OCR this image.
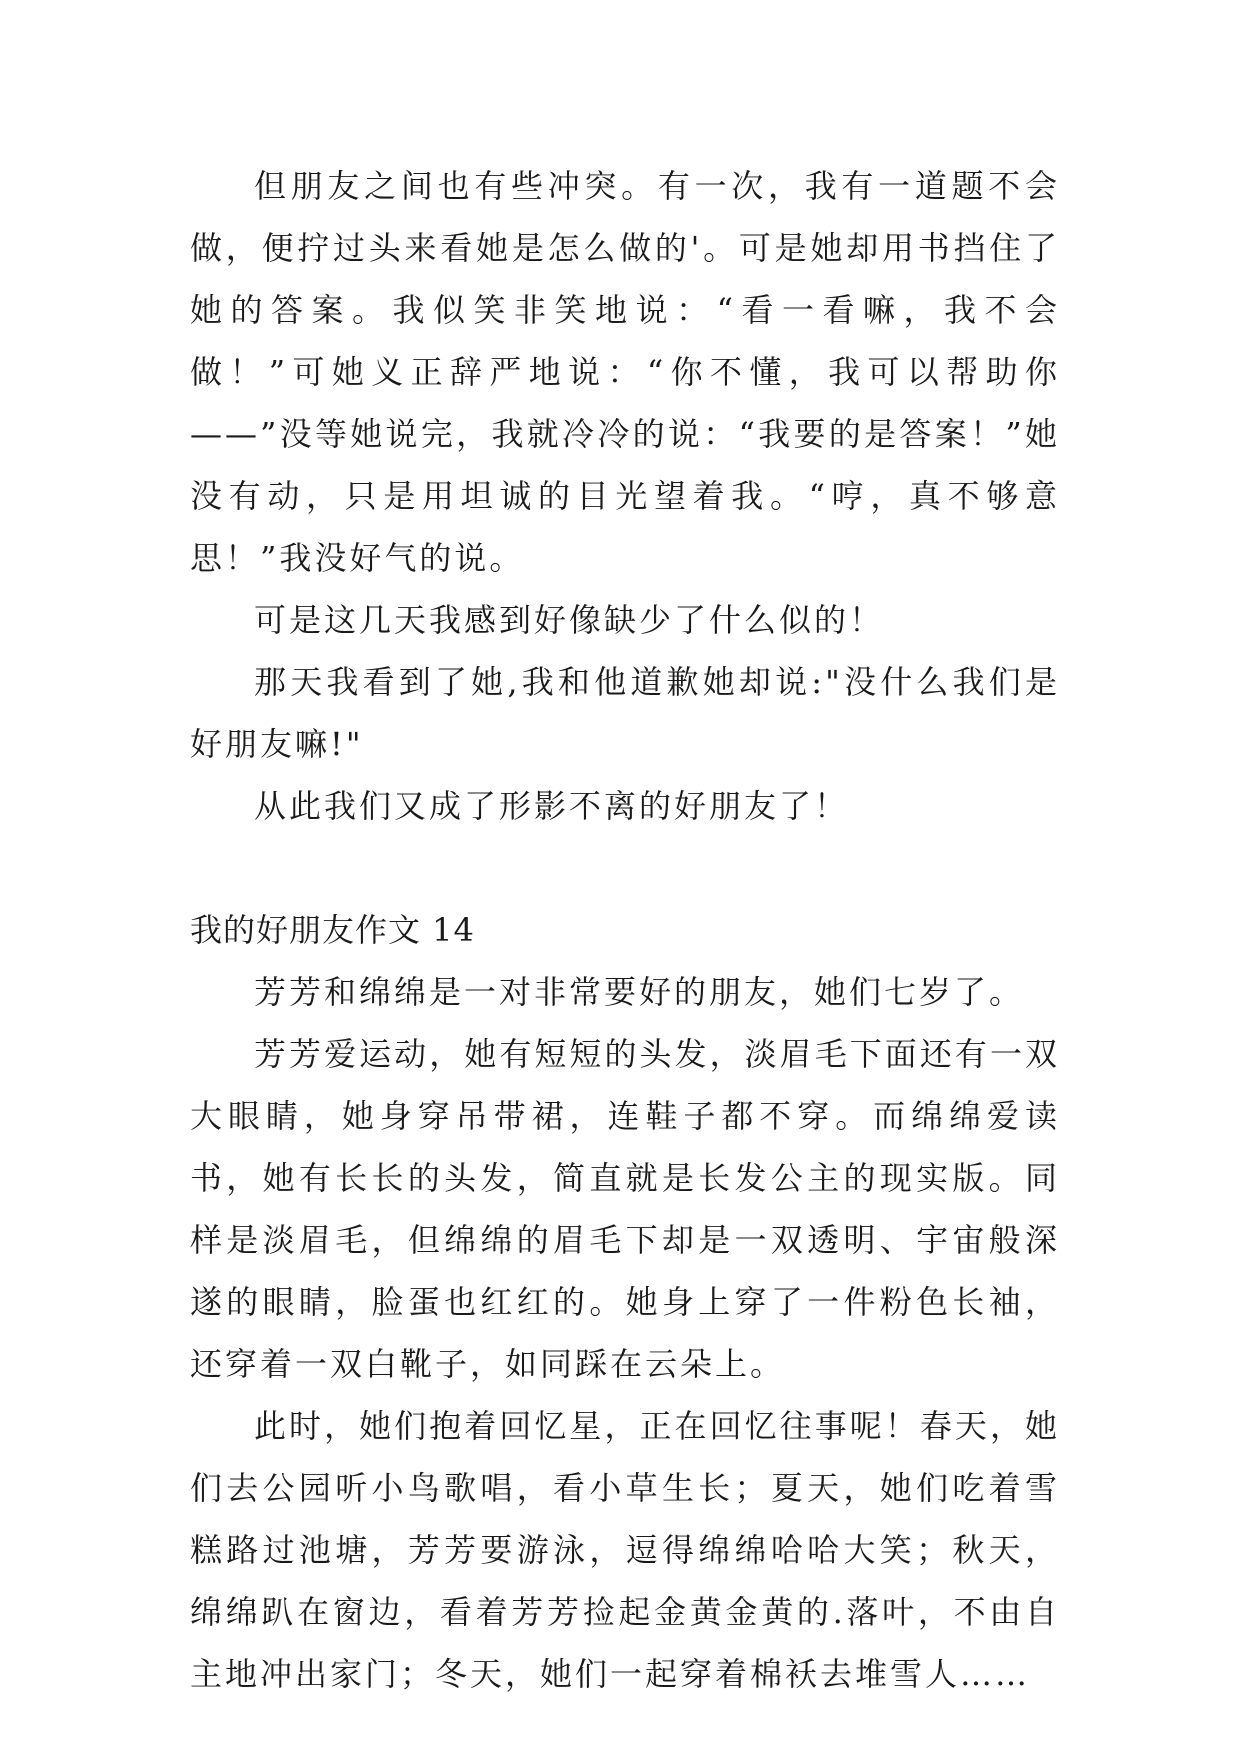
但朋友之间也有些冲突。有一次，我有一道题不会做，便拧过头来看她是怎么做的'。可是她却用书挡住了她的答案。我似笑非笑地说：“看一看嘛，我不会做！”可她义正辞严地说：“你不懂，我可以帮助你——”没等她说完，我就冷冷的说：“我要的是答案！”她没有动，只是用坦诚的目光望着我。“哼，真不够意思！”我没好气的说。

可是这几天我感到好像缺少了什么似的！

那天我看到了她,我和他道歉她却说:"没什么我们是好朋友嘛!"

从此我们又成了形影不离的好朋友了！

我的好朋友作文 14

芳芳和绵绵是一对非常要好的朋友，她们七岁了。

芳芳爱运动，她有短短的头发，淡眉毛下面还有一双大眼睛，她身穿吊带裙，连鞋子都不穿。而绵绵爱读书，她有长长的头发，简直就是长发公主的现实版。同样是淡眉毛，但绵绵的眉毛下却是一双透明、宇宙般深遂的眼睛，脸蛋也红红的。她身上穿了一件粉色长袖，还穿着一双白靴子，如同踩在云朵上。

此时，她们抱着回忆星，正在回忆往事呢！春天，她们去公园听小鸟歌唱，看小草生长；夏天，她们吃着雪糕路过池塘，芳芳要游泳，逗得绵绵哈哈大笑；秋天，绵绵趴在窗边，看着芳芳捡起金黄金黄的.落叶，不由自主地冲出家门；冬天，她们一起穿着棉袄去堆雪人……
